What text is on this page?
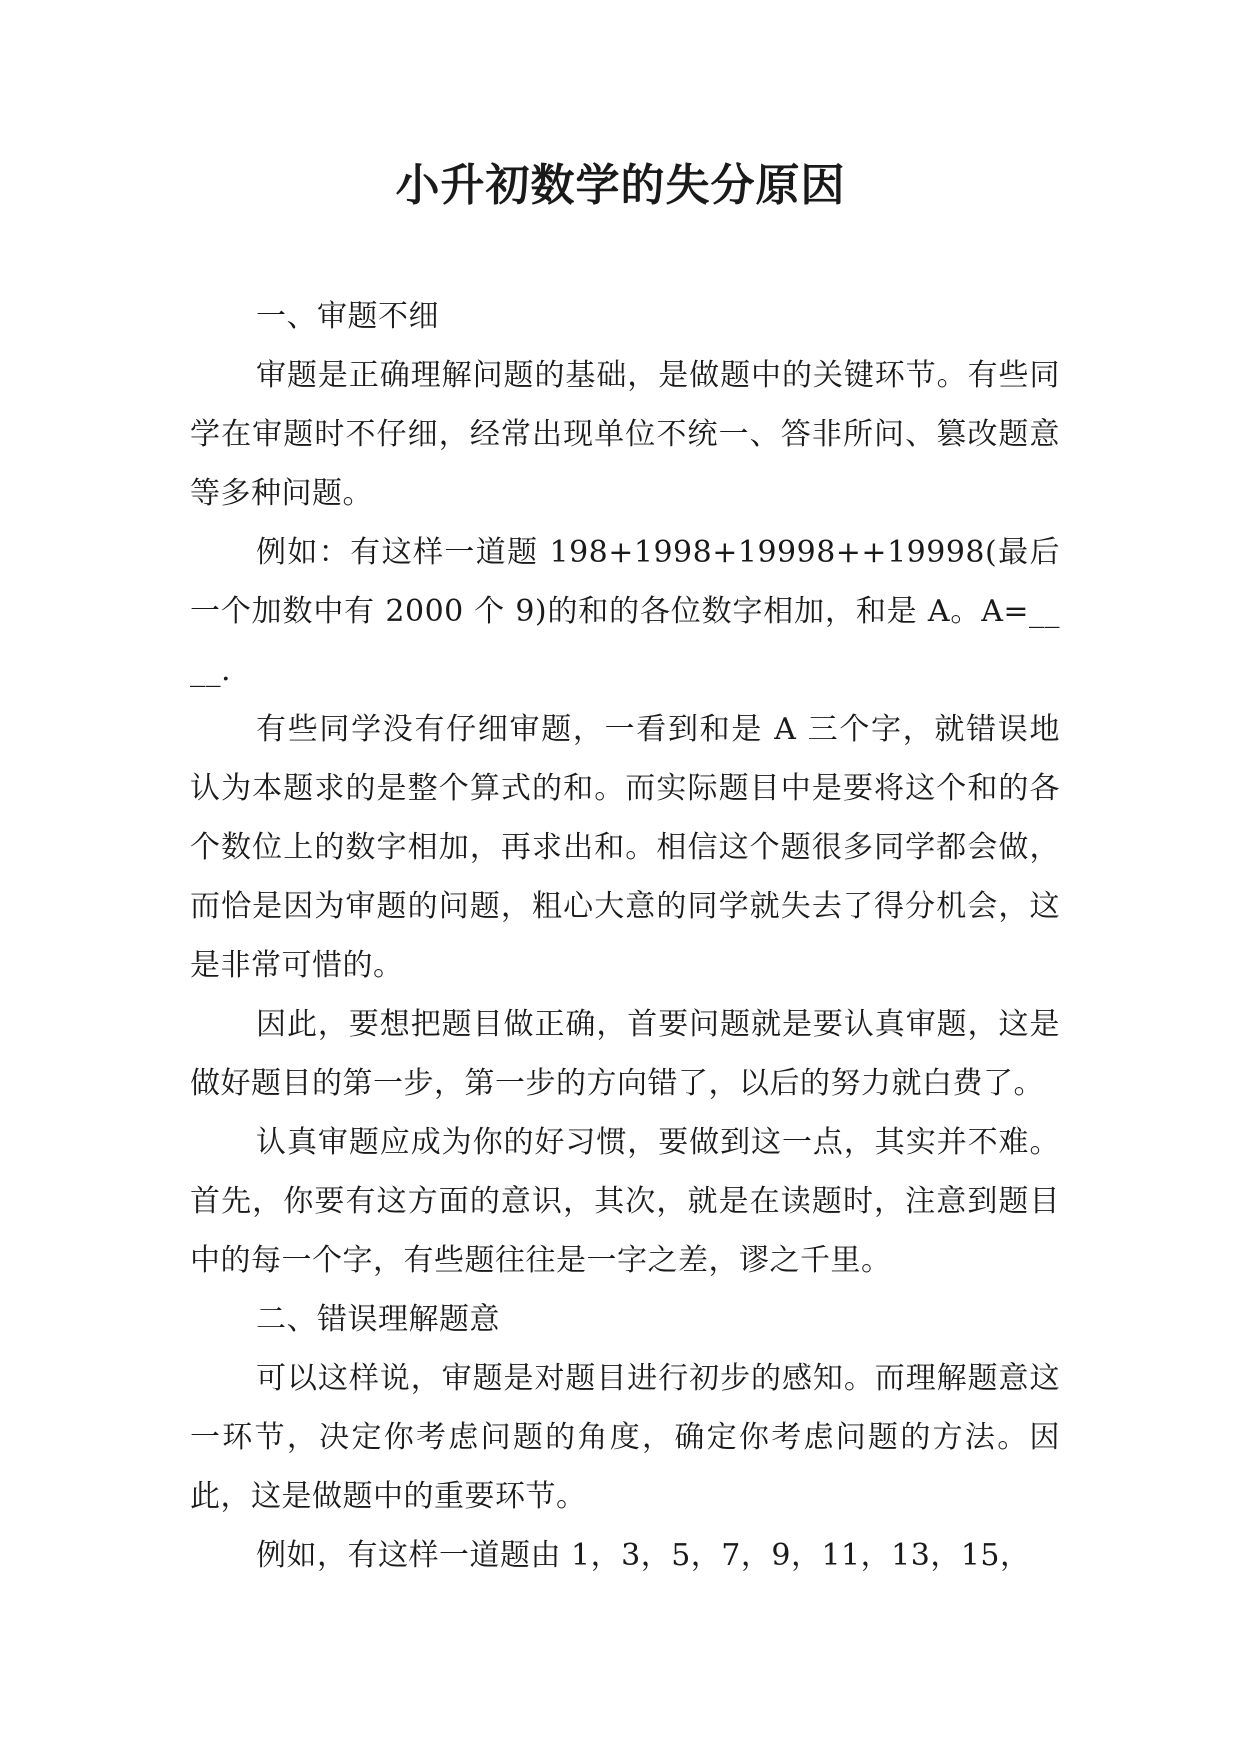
小升初数学的失分原因

一、审题不细

审题是正确理解问题的基础，是做题中的关键环节。有些同学在审题时不仔细，经常出现单位不统一、答非所问、篡改题意等多种问题。

例如：有这样一道题 198+1998+19998++19998(最后一个加数中有 2000 个 9)的和的各位数字相加，和是 A。A=____.

有些同学没有仔细审题，一看到和是 A 三个字，就错误地认为本题求的是整个算式的和。而实际题目中是要将这个和的各个数位上的数字相加，再求出和。相信这个题很多同学都会做，而恰是因为审题的问题，粗心大意的同学就失去了得分机会，这是非常可惜的。

因此，要想把题目做正确，首要问题就是要认真审题，这是做好题目的第一步，第一步的方向错了，以后的努力就白费了。

认真审题应成为你的好习惯，要做到这一点，其实并不难。首先，你要有这方面的意识，其次，就是在读题时，注意到题目中的每一个字，有些题往往是一字之差，谬之千里。

二、错误理解题意

可以这样说，审题是对题目进行初步的感知。而理解题意这一环节，决定你考虑问题的角度，确定你考虑问题的方法。因此，这是做题中的重要环节。

例如，有这样一道题由 1，3，5，7，9，11，13，15，
